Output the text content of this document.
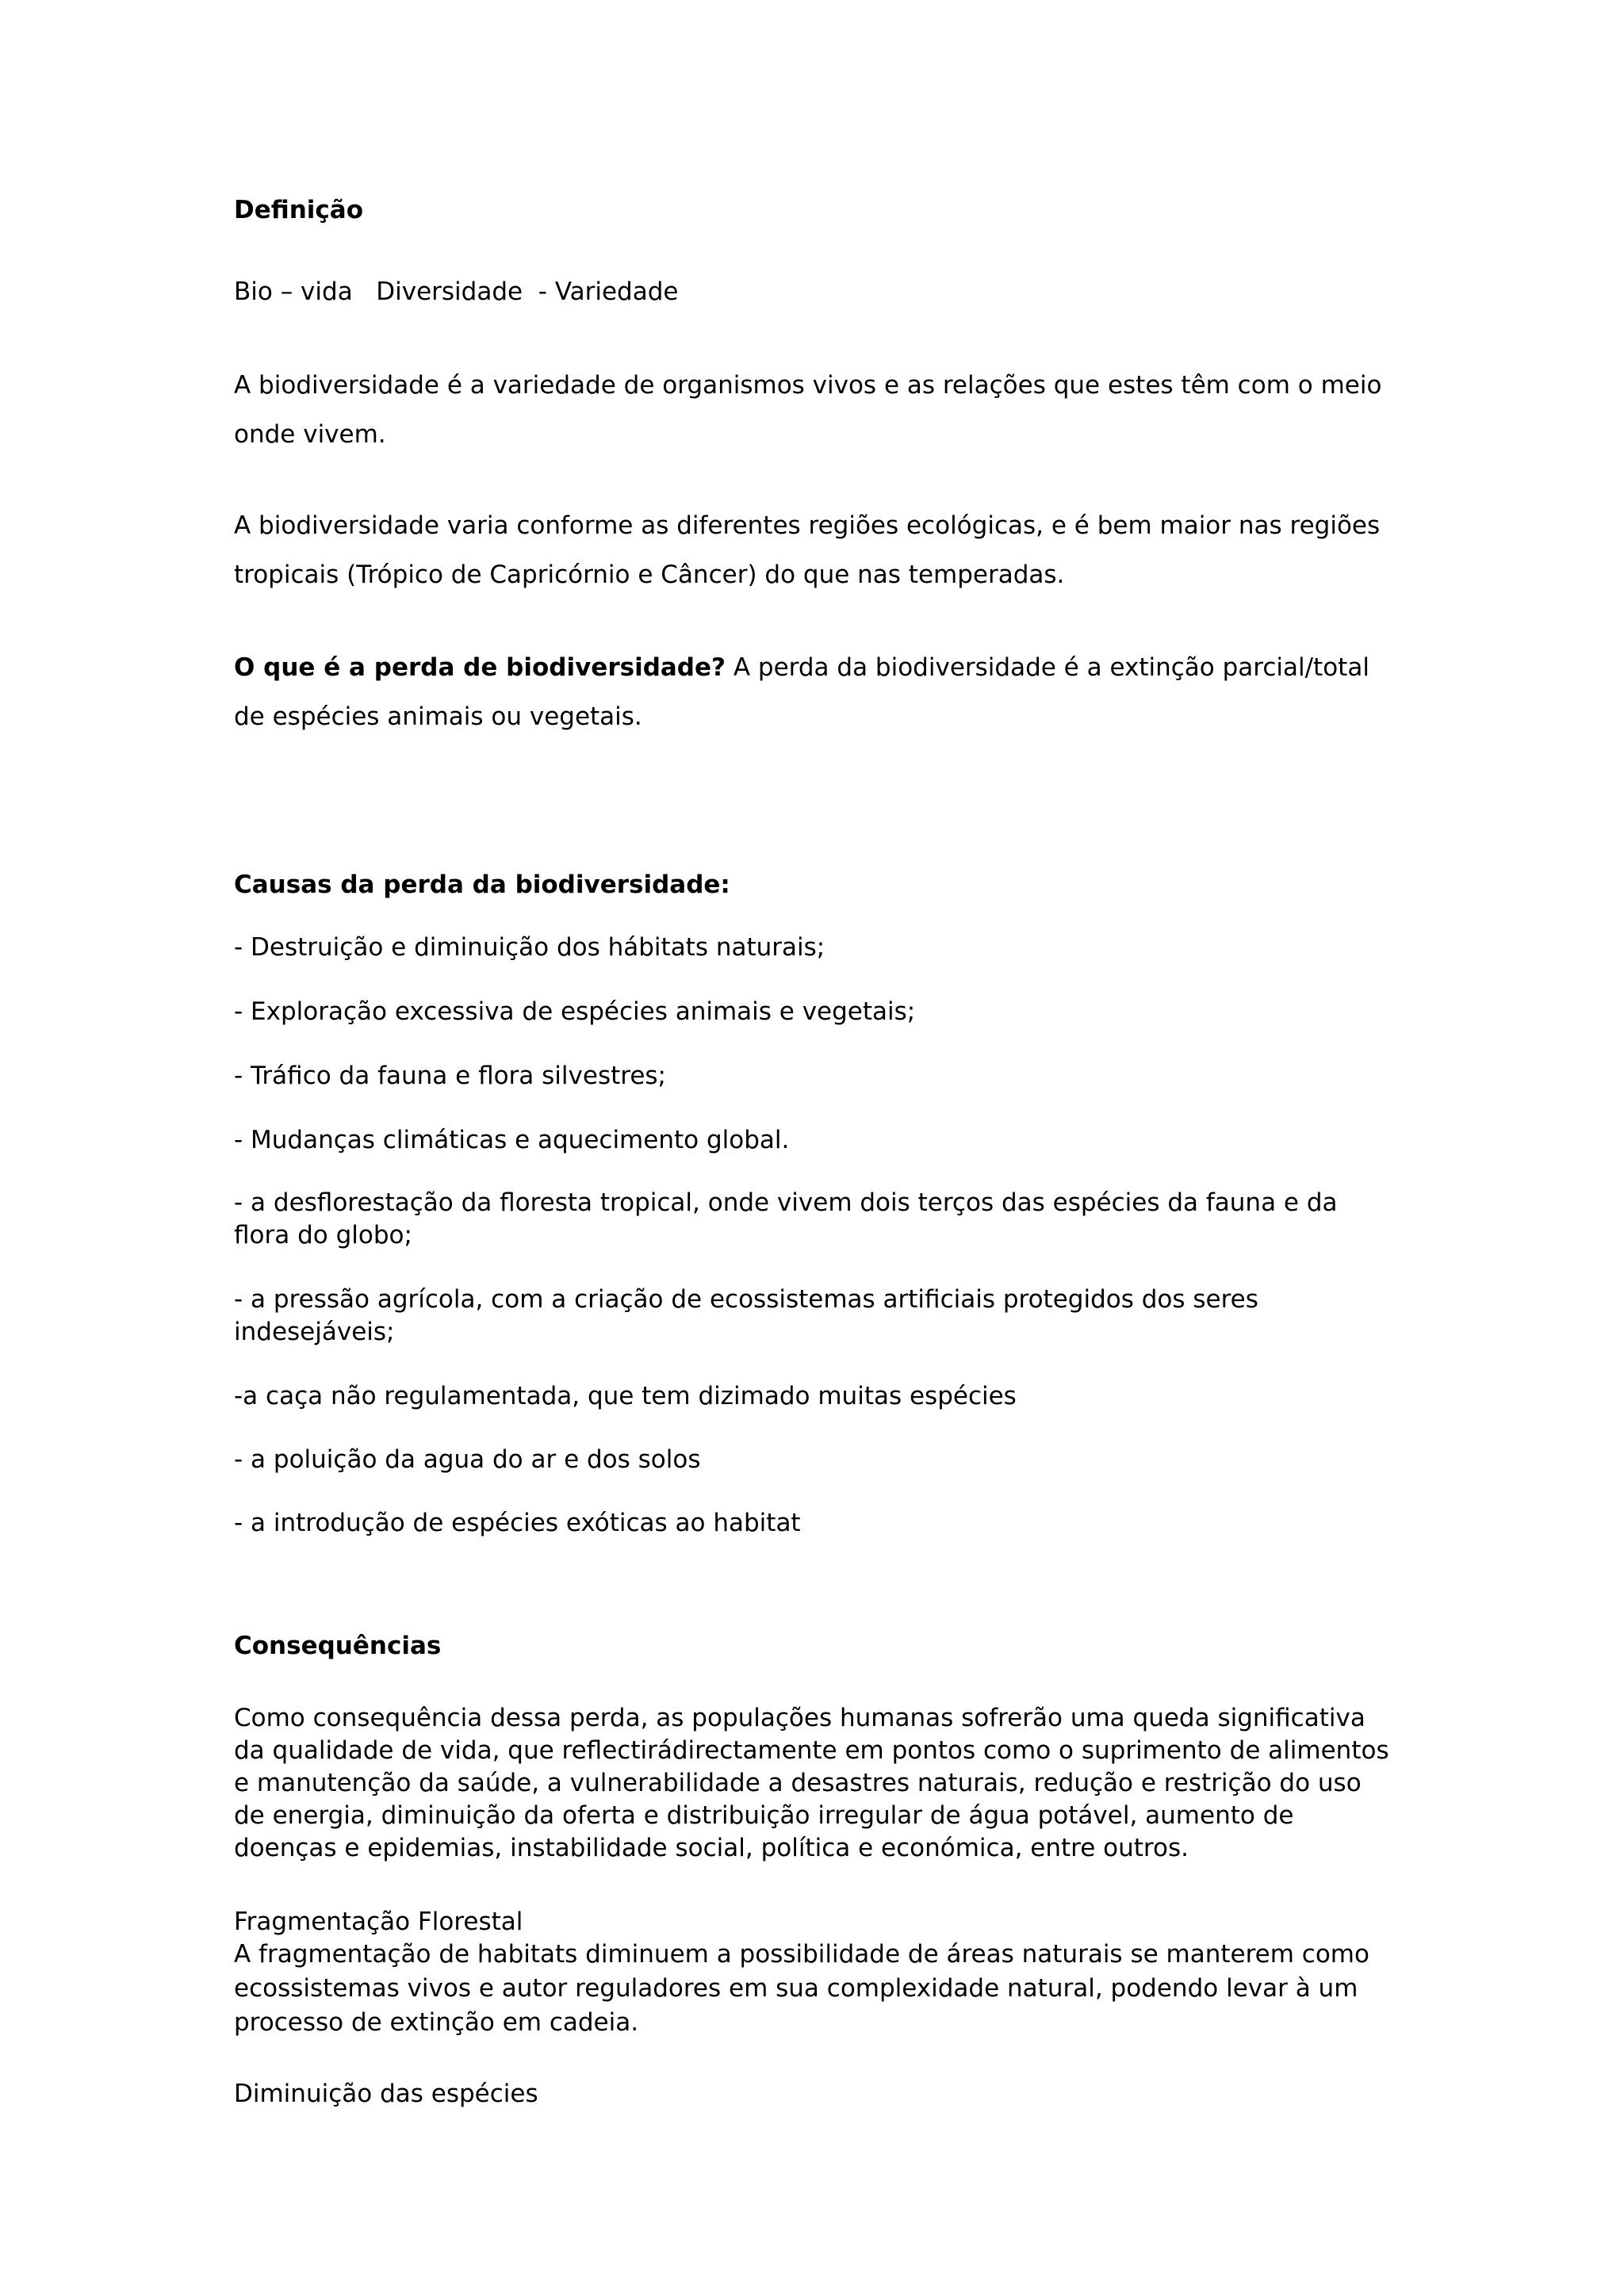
Definição

Bio – vida   Diversidade  - Variedade

A biodiversidade é a variedade de organismos vivos e as relações que estes têm com o meio

onde vivem.

A biodiversidade varia conforme as diferentes regiões ecológicas, e é bem maior nas regiões

tropicais (Trópico de Capricórnio e Câncer) do que nas temperadas.

O que é a perda de biodiversidade? A perda da biodiversidade é a extinção parcial/total

de espécies animais ou vegetais.

Causas da perda da biodiversidade:

- Destruição e diminuição dos hábitats naturais;

- Exploração excessiva de espécies animais e vegetais;

- Tráfico da fauna e flora silvestres;

- Mudanças climáticas e aquecimento global.

- a desflorestação da floresta tropical, onde vivem dois terços das espécies da fauna e da

flora do globo;

- a pressão agrícola, com a criação de ecossistemas artificiais protegidos dos seres

indesejáveis;

-a caça não regulamentada, que tem dizimado muitas espécies

- a poluição da agua do ar e dos solos

- a introdução de espécies exóticas ao habitat

Consequências

Como consequência dessa perda, as populações humanas sofrerão uma queda significativa

da qualidade de vida, que reflectirádirectamente em pontos como o suprimento de alimentos

e manutenção da saúde, a vulnerabilidade a desastres naturais, redução e restrição do uso

de energia, diminuição da oferta e distribuição irregular de água potável, aumento de

doenças e epidemias, instabilidade social, política e económica, entre outros.

Fragmentação Florestal

A fragmentação de habitats diminuem a possibilidade de áreas naturais se manterem como

ecossistemas vivos e autor reguladores em sua complexidade natural, podendo levar à um

processo de extinção em cadeia.

Diminuição das espécies
